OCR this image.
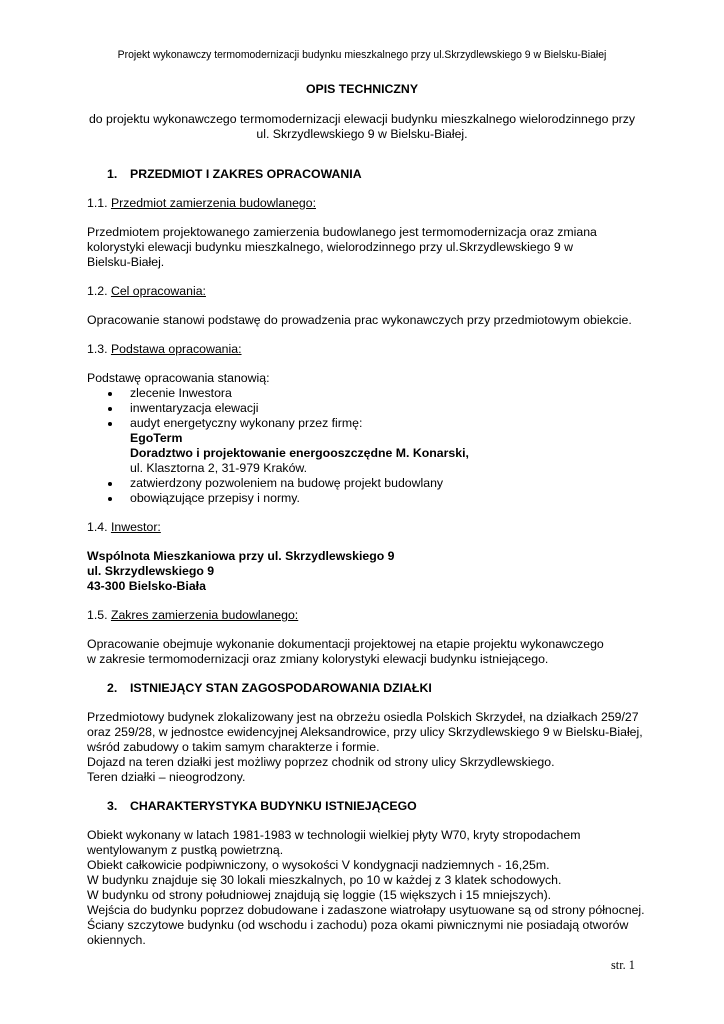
Projekt wykonawczy termomodernizacji budynku mieszkalnego przy ul.Skrzydlewskiego 9 w Bielsku-Białej
OPIS TECHNICZNY
do projektu wykonawczego termomodernizacji elewacji budynku mieszkalnego wielorodzinnego przy
ul. Skrzydlewskiego 9 w Bielsku-Białej.
1. PRZEDMIOT I ZAKRES OPRACOWANIA
1.1. Przedmiot zamierzenia budowlanego:

Przedmiotem projektowanego zamierzenia budowlanego jest termomodernizacja oraz zmiana
kolorystyki elewacji budynku mieszkalnego, wielorodzinnego przy ul.Skrzydlewskiego 9 w
Bielsku-Białej.

1.2. Cel opracowania:

Opracowanie stanowi podstawę do prowadzenia prac wykonawczych przy przedmiotowym obiekcie.

1.3. Podstawa opracowania:
Podstawę opracowania stanowią:
zlecenie Inwestora
inwentaryzacja elewacji
audyt energetyczny wykonany przez firmę:
EgoTerm
Doradztwo i projektowanie energooszczędne M. Konarski,
ul. Klasztorna 2, 31-979 Kraków.
zatwierdzony pozwoleniem na budowę projekt budowlany
obowiązujące przepisy i normy.
1.4. Inwestor:

Wspólnota Mieszkaniowa przy ul. Skrzydlewskiego 9
ul. Skrzydlewskiego 9
43-300 Bielsko-Biała

1.5. Zakres zamierzenia budowlanego:

Opracowanie obejmuje wykonanie dokumentacji projektowej na etapie projektu wykonawczego
w zakresie termomodernizacji oraz zmiany kolorystyki elewacji budynku istniejącego.

2. ISTNIEJĄCY STAN ZAGOSPODAROWANIA DZIAŁKI

Przedmiotowy budynek zlokalizowany jest na obrzeżu osiedla Polskich Skrzydeł, na działkach 259/27
oraz 259/28, w jednostce ewidencyjnej Aleksandrowice, przy ulicy Skrzydlewskiego 9 w Bielsku-Białej,
wśród zabudowy o takim samym charakterze i formie.
Dojazd na teren działki jest możliwy poprzez chodnik od strony ulicy Skrzydlewskiego.
Teren działki – nieogrodzony.

3. CHARAKTERYSTYKA BUDYNKU ISTNIEJĄCEGO

Obiekt wykonany w latach 1981-1983 w technologii wielkiej płyty W70, kryty stropodachem
wentylowanym z pustką powietrzną.
Obiekt całkowicie podpiwniczony, o wysokości V kondygnacji nadziemnych - 16,25m.
W budynku znajduje się 30 lokali mieszkalnych, po 10 w każdej z 3 klatek schodowych.
W budynku od strony południowej znajdują się loggie (15 większych i 15 mniejszych).
Wejścia do budynku poprzez dobudowane i zadaszone wiatrołapy usytuowane są od strony północnej.
Ściany szczytowe budynku (od wschodu i zachodu) poza okami piwnicznymi nie posiadają otworów
okiennych.

str. 1
